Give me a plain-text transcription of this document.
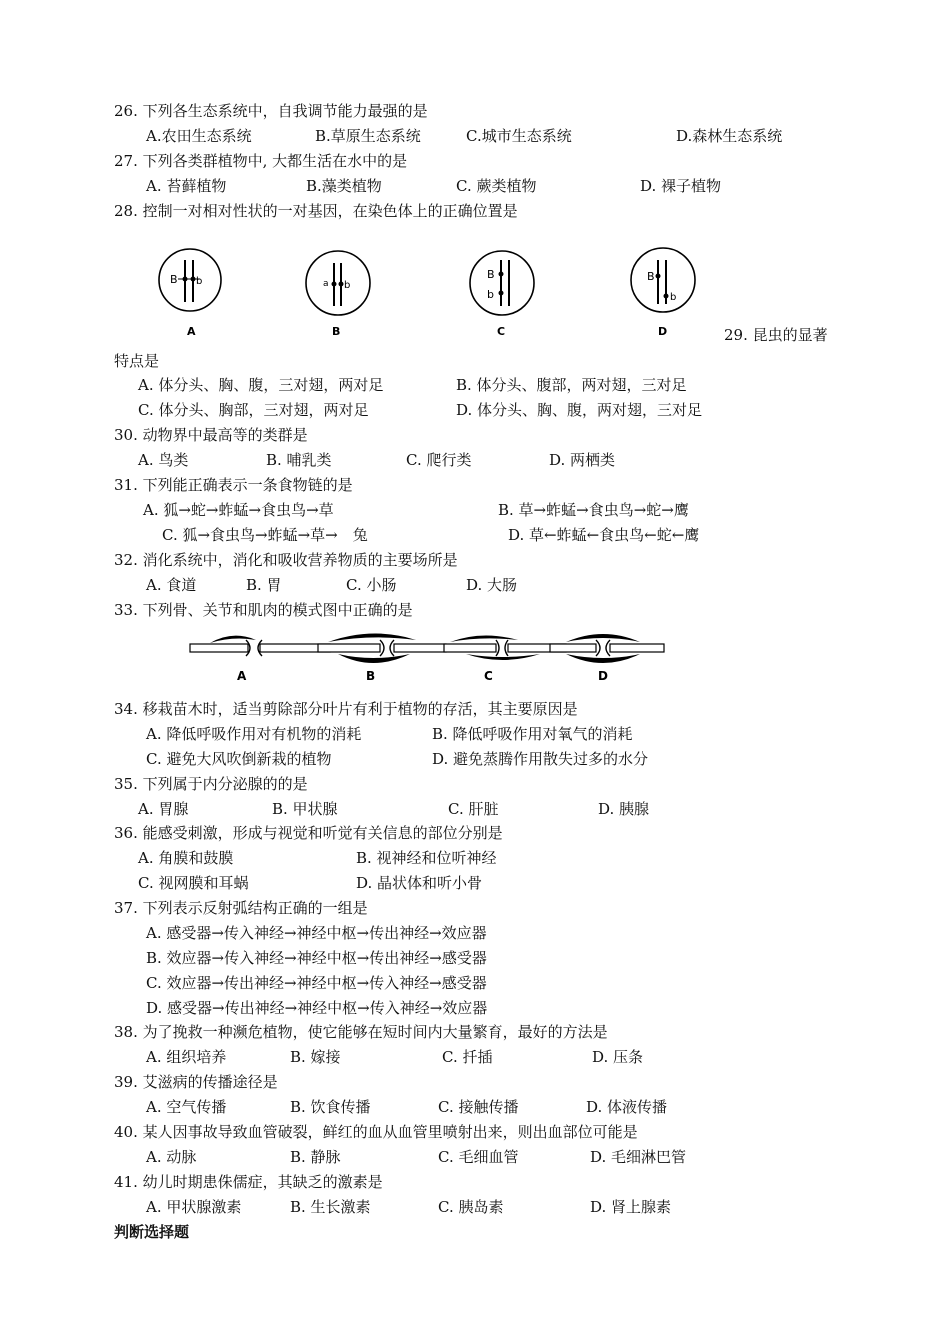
26. 下列各生态系统中，自我调节能力最强的是
A.农田生态系统	B.草原生态系统	C.城市生态系统	D.森林生态系统
27. 下列各类群植物中, 大都生活在水中的是
A. 苔藓植物	B.藻类植物	C. 蕨类植物	D. 裸子植物
28. 控制一对相对性状的一对基因，在染色体上的正确位置是
B b
A
a b
B
B
b
C
B
b
D	29. 昆虫的显著
特点是
A. 体分头、胸、腹，三对翅，两对足	B. 体分头、腹部，两对翅，三对足
C. 体分头、胸部，三对翅，两对足	D. 体分头、胸、腹，两对翅，三对足
30. 动物界中最高等的类群是
A. 鸟类	B. 哺乳类	C. 爬行类	D. 两栖类
31. 下列能正确表示一条食物链的是
A. 狐→蛇→蚱蜢→食虫鸟→草	B. 草→蚱蜢→食虫鸟→蛇→鹰
C. 狐→食虫鸟→蚱蜢→草→　兔	D. 草←蚱蜢←食虫鸟←蛇←鹰
32. 消化系统中，消化和吸收营养物质的主要场所是
A. 食道	B. 胃	C. 小肠	D. 大肠
33. 下列骨、关节和肌肉的模式图中正确的是
A	B	C	D
34. 移栽苗木时，适当剪除部分叶片有利于植物的存活，其主要原因是
A. 降低呼吸作用对有机物的消耗	B. 降低呼吸作用对氧气的消耗
C. 避免大风吹倒新栽的植物	D. 避免蒸腾作用散失过多的水分
35. 下列属于内分泌腺的的是
A. 胃腺	B. 甲状腺	C. 肝脏	D. 胰腺
36. 能感受刺激，形成与视觉和听觉有关信息的部位分别是
A. 角膜和鼓膜	B. 视神经和位听神经
C. 视网膜和耳蜗	D. 晶状体和听小骨
37. 下列表示反射弧结构正确的一组是
A. 感受器→传入神经→神经中枢→传出神经→效应器
B. 效应器→传入神经→神经中枢→传出神经→感受器
C. 效应器→传出神经→神经中枢→传入神经→感受器
D. 感受器→传出神经→神经中枢→传入神经→效应器
38. 为了挽救一种濒危植物，使它能够在短时间内大量繁育，最好的方法是
A. 组织培养	B. 嫁接	C. 扦插	D. 压条
39. 艾滋病的传播途径是
A. 空气传播	B. 饮食传播	C. 接触传播	D. 体液传播
40. 某人因事故导致血管破裂，鲜红的血从血管里喷射出来，则出血部位可能是
A. 动脉	B. 静脉	C. 毛细血管	D. 毛细淋巴管
41. 幼儿时期患侏儒症，其缺乏的激素是
A. 甲状腺激素	B. 生长激素	C. 胰岛素	D. 肾上腺素
判断选择题
